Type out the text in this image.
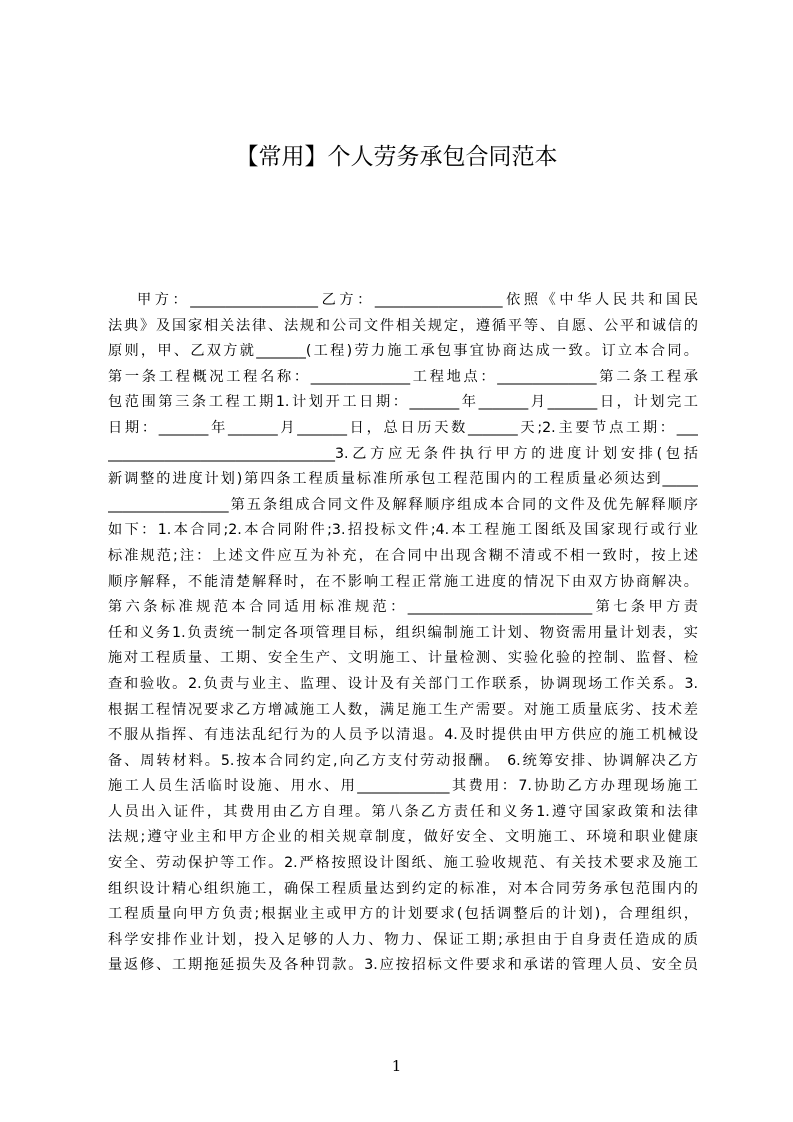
【常用】个人劳务承包合同范本
甲方：__________________乙方：__________________依照《中华人民共和国民
法典》及国家相关法律、法规和公司文件相关规定，遵循平等、自愿、公平和诚信的
原则，甲、乙双方就_______(工程)劳力施工承包事宜协商达成一致。订立本合同。
第一条工程概况工程名称：______________工程地点：______________第二条工程承
包范围第三条工程工期1.计划开工日期：_______年_______月_______日，计划完工
日期：_______年_______月_______日，总日历天数_______天;2.主要节点工期：___
________________________________3.乙方应无条件执行甲方的进度计划安排(包括
新调整的进度计划)第四条工程质量标准所承包工程范围内的工程质量必须达到_____
_________________第五条组成合同文件及解释顺序组成本合同的文件及优先解释顺序
如下：1.本合同;2.本合同附件;3.招投标文件;4.本工程施工图纸及国家现行或行业
标准规范;注：上述文件应互为补充，在合同中出现含糊不清或不相一致时，按上述
顺序解释，不能清楚解释时，在不影响工程正常施工进度的情况下由双方协商解决。
第六条标准规范本合同适用标准规范：__________________________第七条甲方责
任和义务1.负责统一制定各项管理目标，组织编制施工计划、物资需用量计划表，实
施对工程质量、工期、安全生产、文明施工、计量检测、实验化验的控制、监督、检
查和验收。2.负责与业主、监理、设计及有关部门工作联系，协调现场工作关系。3.
根据工程情况要求乙方增减施工人数，满足施工生产需要。对施工质量底劣、技术差
不服从指挥、有违法乱纪行为的人员予以清退。4.及时提供由甲方供应的施工机械设
备、周转材料。5.按本合同约定,向乙方支付劳动报酬。 6.统筹安排、协调解决乙方
施工人员生活临时设施、用水、用_____________其费用：7.协助乙方办理现场施工
人员出入证件，其费用由乙方自理。第八条乙方责任和义务1.遵守国家政策和法律
法规;遵守业主和甲方企业的相关规章制度，做好安全、文明施工、环境和职业健康
安全、劳动保护等工作。2.严格按照设计图纸、施工验收规范、有关技术要求及施工
组织设计精心组织施工，确保工程质量达到约定的标准，对本合同劳务承包范围内的
工程质量向甲方负责;根据业主或甲方的计划要求(包括调整后的计划)，合理组织，
科学安排作业计划，投入足够的人力、物力、保证工期;承担由于自身责任造成的质
量返修、工期拖延损失及各种罚款。3.应按招标文件要求和承诺的管理人员、安全员
1
